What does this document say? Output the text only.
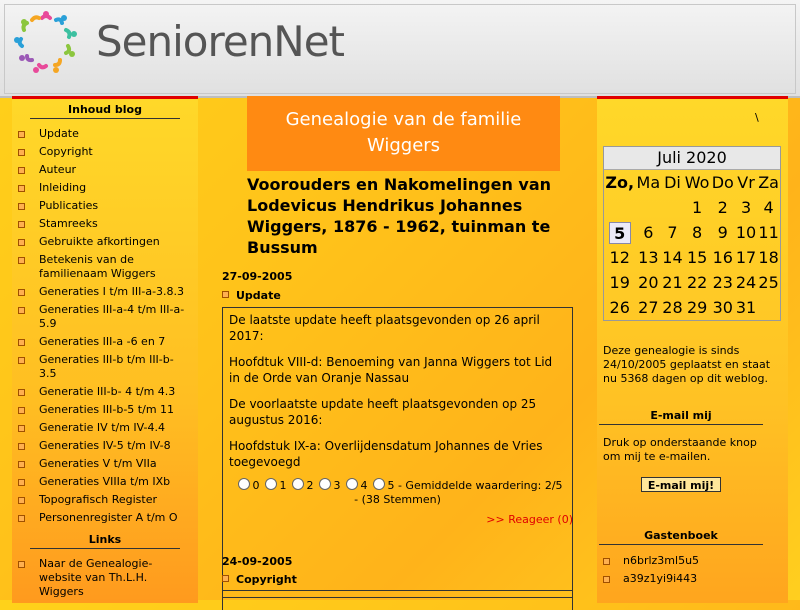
SeniorenNet
Inhoud blog
Update
Copyright
Auteur
Inleiding
Publicaties
Stamreeks
Gebruikte afkortingen
Betekenis van de familienaam Wiggers
Generaties I t/m III-a-3.8.3
Generaties III-a-4 t/m III-a-5.9
Generaties III-a -6 en 7
Generaties III-b t/m III-b-3.5
Generatie III-b- 4 t/m 4.3
Generaties III-b-5 t/m 11
Generatie IV t/m IV-4.4
Generaties IV-5 t/m IV-8
Generaties V t/m VIIa
Generaties VIIIa t/m IXb
Topografisch Register
Personenregister A t/m O
Links
Naar de Genealogie-website van Th.L.H. Wiggers
Genealogie van de familie Wiggers
Voorouders en Nakomelingen van Lodevicus Hendrikus Johannes Wiggers, 1876 - 1962, tuinman te Bussum
27-09-2005
Update

De laatste update heeft plaatsgevonden op 26 april 2017:

Hoofdtuk VIII-d: Benoeming van Janna Wiggers tot Lid in de Orde van Oranje Nassau

De voorlaatste update heeft plaatsgevonden op 25 augustus 2016:

Hoofdstuk IX-a: Overlijdensdatum Johannes de Vries toegevoegd

0 1 2 3 4 5 - Gemiddelde waardering: 2/5 - (38 Stemmen)
>> Reageer (0)
24-09-2005
Copyright
\
Juli 2020
Zo,	Ma	Di	Wo	Do	Vr	Za
			1	2	3	4
5	6	7	8	9	10	11
12	13	14	15	16	17	18
19	20	21	22	23	24	25
26	27	28	29	30	31	
Deze genealogie is sinds 24/10/2005 geplaatst en staat nu 5368 dagen op dit weblog.
E-mail mij
Druk op onderstaande knop om mij te e-mailen.
E-mail mij!
Gastenboek
n6brlz3ml5u5
a39z1yi9i443
